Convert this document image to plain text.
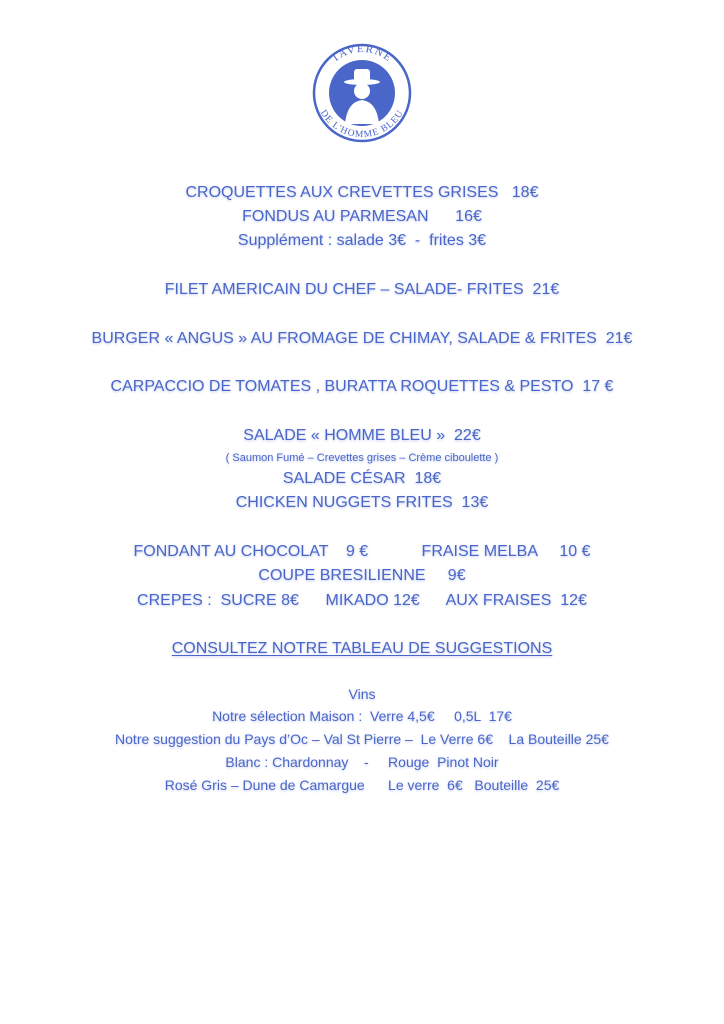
TAVERNE
DE L'HOMME BLEU
CROQUETTES AUX CREVETTES GRISES   18€
FONDUS AU PARMESAN      16€
Supplément : salade 3€  -  frites 3€
FILET AMERICAIN DU CHEF – SALADE- FRITES  21€
BURGER « ANGUS » AU FROMAGE DE CHIMAY, SALADE & FRITES  21€
CARPACCIO DE TOMATES , BURATTA ROQUETTES & PESTO  17 €
SALADE « HOMME BLEU »  22€
( Saumon Fumé – Crevettes grises – Crème ciboulette )
SALADE CÉSAR  18€
CHICKEN NUGGETS FRITES  13€
FONDANT AU CHOCOLAT    9 €            FRAISE MELBA     10 €
COUPE BRESILIENNE     9€
CREPES :  SUCRE 8€      MIKADO 12€      AUX FRAISES  12€
CONSULTEZ NOTRE TABLEAU DE SUGGESTIONS
Vins
Notre sélection Maison :  Verre 4,5€     0,5L  17€
Notre suggestion du Pays d’Oc – Val St Pierre –  Le Verre 6€    La Bouteille 25€
Blanc : Chardonnay    -     Rouge  Pinot Noir
Rosé Gris – Dune de Camargue      Le verre  6€   Bouteille  25€
